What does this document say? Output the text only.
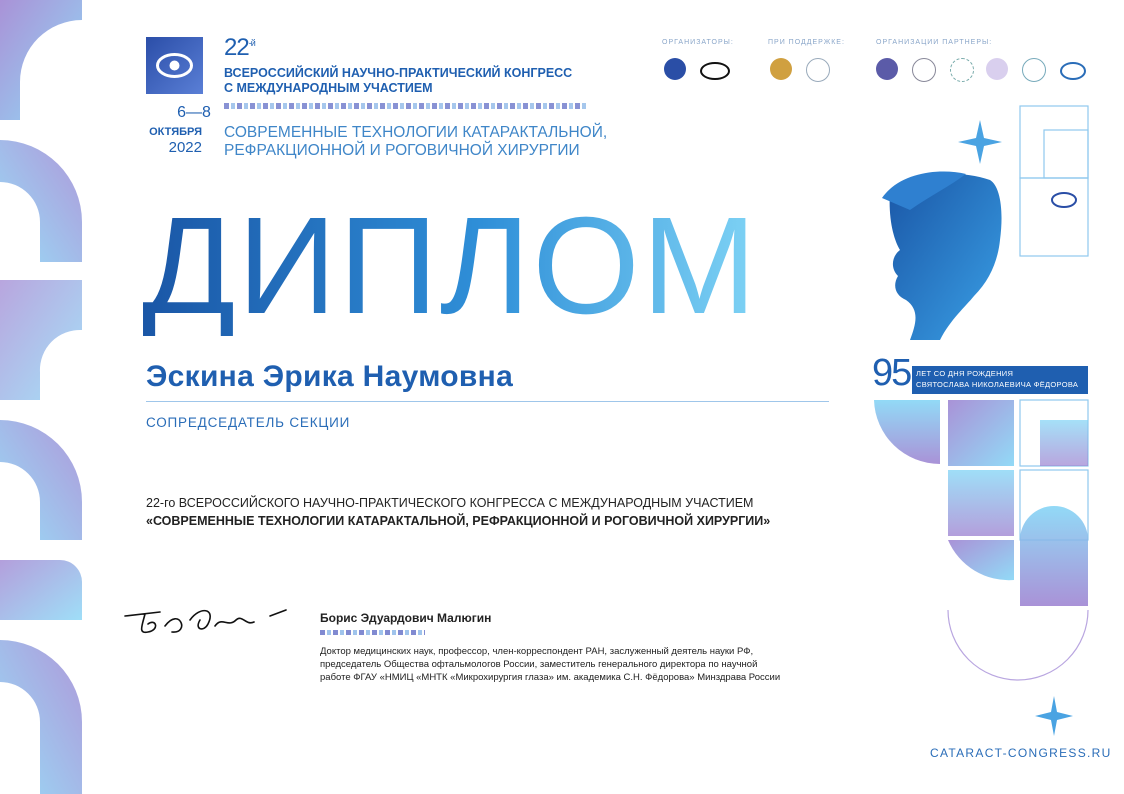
$22^{-й}$
ВСЕРОССИЙСКИЙ НАУЧНО-ПРАКТИЧЕСКИЙ КОНГРЕСС
С МЕЖДУНАРОДНЫМ УЧАСТИЕМ
6—8
ОКТЯБРЯ
2022
СОВРЕМЕННЫЕ ТЕХНОЛОГИИ КАТАРАКТАЛЬНОЙ,
РЕФРАКЦИОННОЙ И РОГОВИЧНОЙ ХИРУРГИИ
ОРГАНИЗАТОРЫ:	ПРИ ПОДДЕРЖКЕ:	ОРГАНИЗАЦИИ ПАРТНЕРЫ:
ДИПЛОМ
Эскина Эрика Наумовна
СОПРЕДСЕДАТЕЛЬ СЕКЦИИ
22-го ВСЕРОССИЙСКОГО НАУЧНО-ПРАКТИЧЕСКОГО КОНГРЕССА С МЕЖДУНАРОДНЫМ УЧАСТИЕМ
«СОВРЕМЕННЫЕ ТЕХНОЛОГИИ КАТАРАКТАЛЬНОЙ, РЕФРАКЦИОННОЙ И РОГОВИЧНОЙ ХИРУРГИИ»
Борис Эдуардович Малюгин
Доктор медицинских наук, профессор, член-корреспондент РАН, заслуженный деятель науки РФ,
председатель Общества офтальмологов России, заместитель генерального директора по научной
работе ФГАУ «НМИЦ «МНТК «Микрохирургия глаза» им. академика С.Н. Фёдорова» Минздрава России
95 ЛЕТ СО ДНЯ РОЖДЕНИЯ
СВЯТОСЛАВА НИКОЛАЕВИЧА ФЁДОРОВА
CATARACT-CONGRESS.RU
